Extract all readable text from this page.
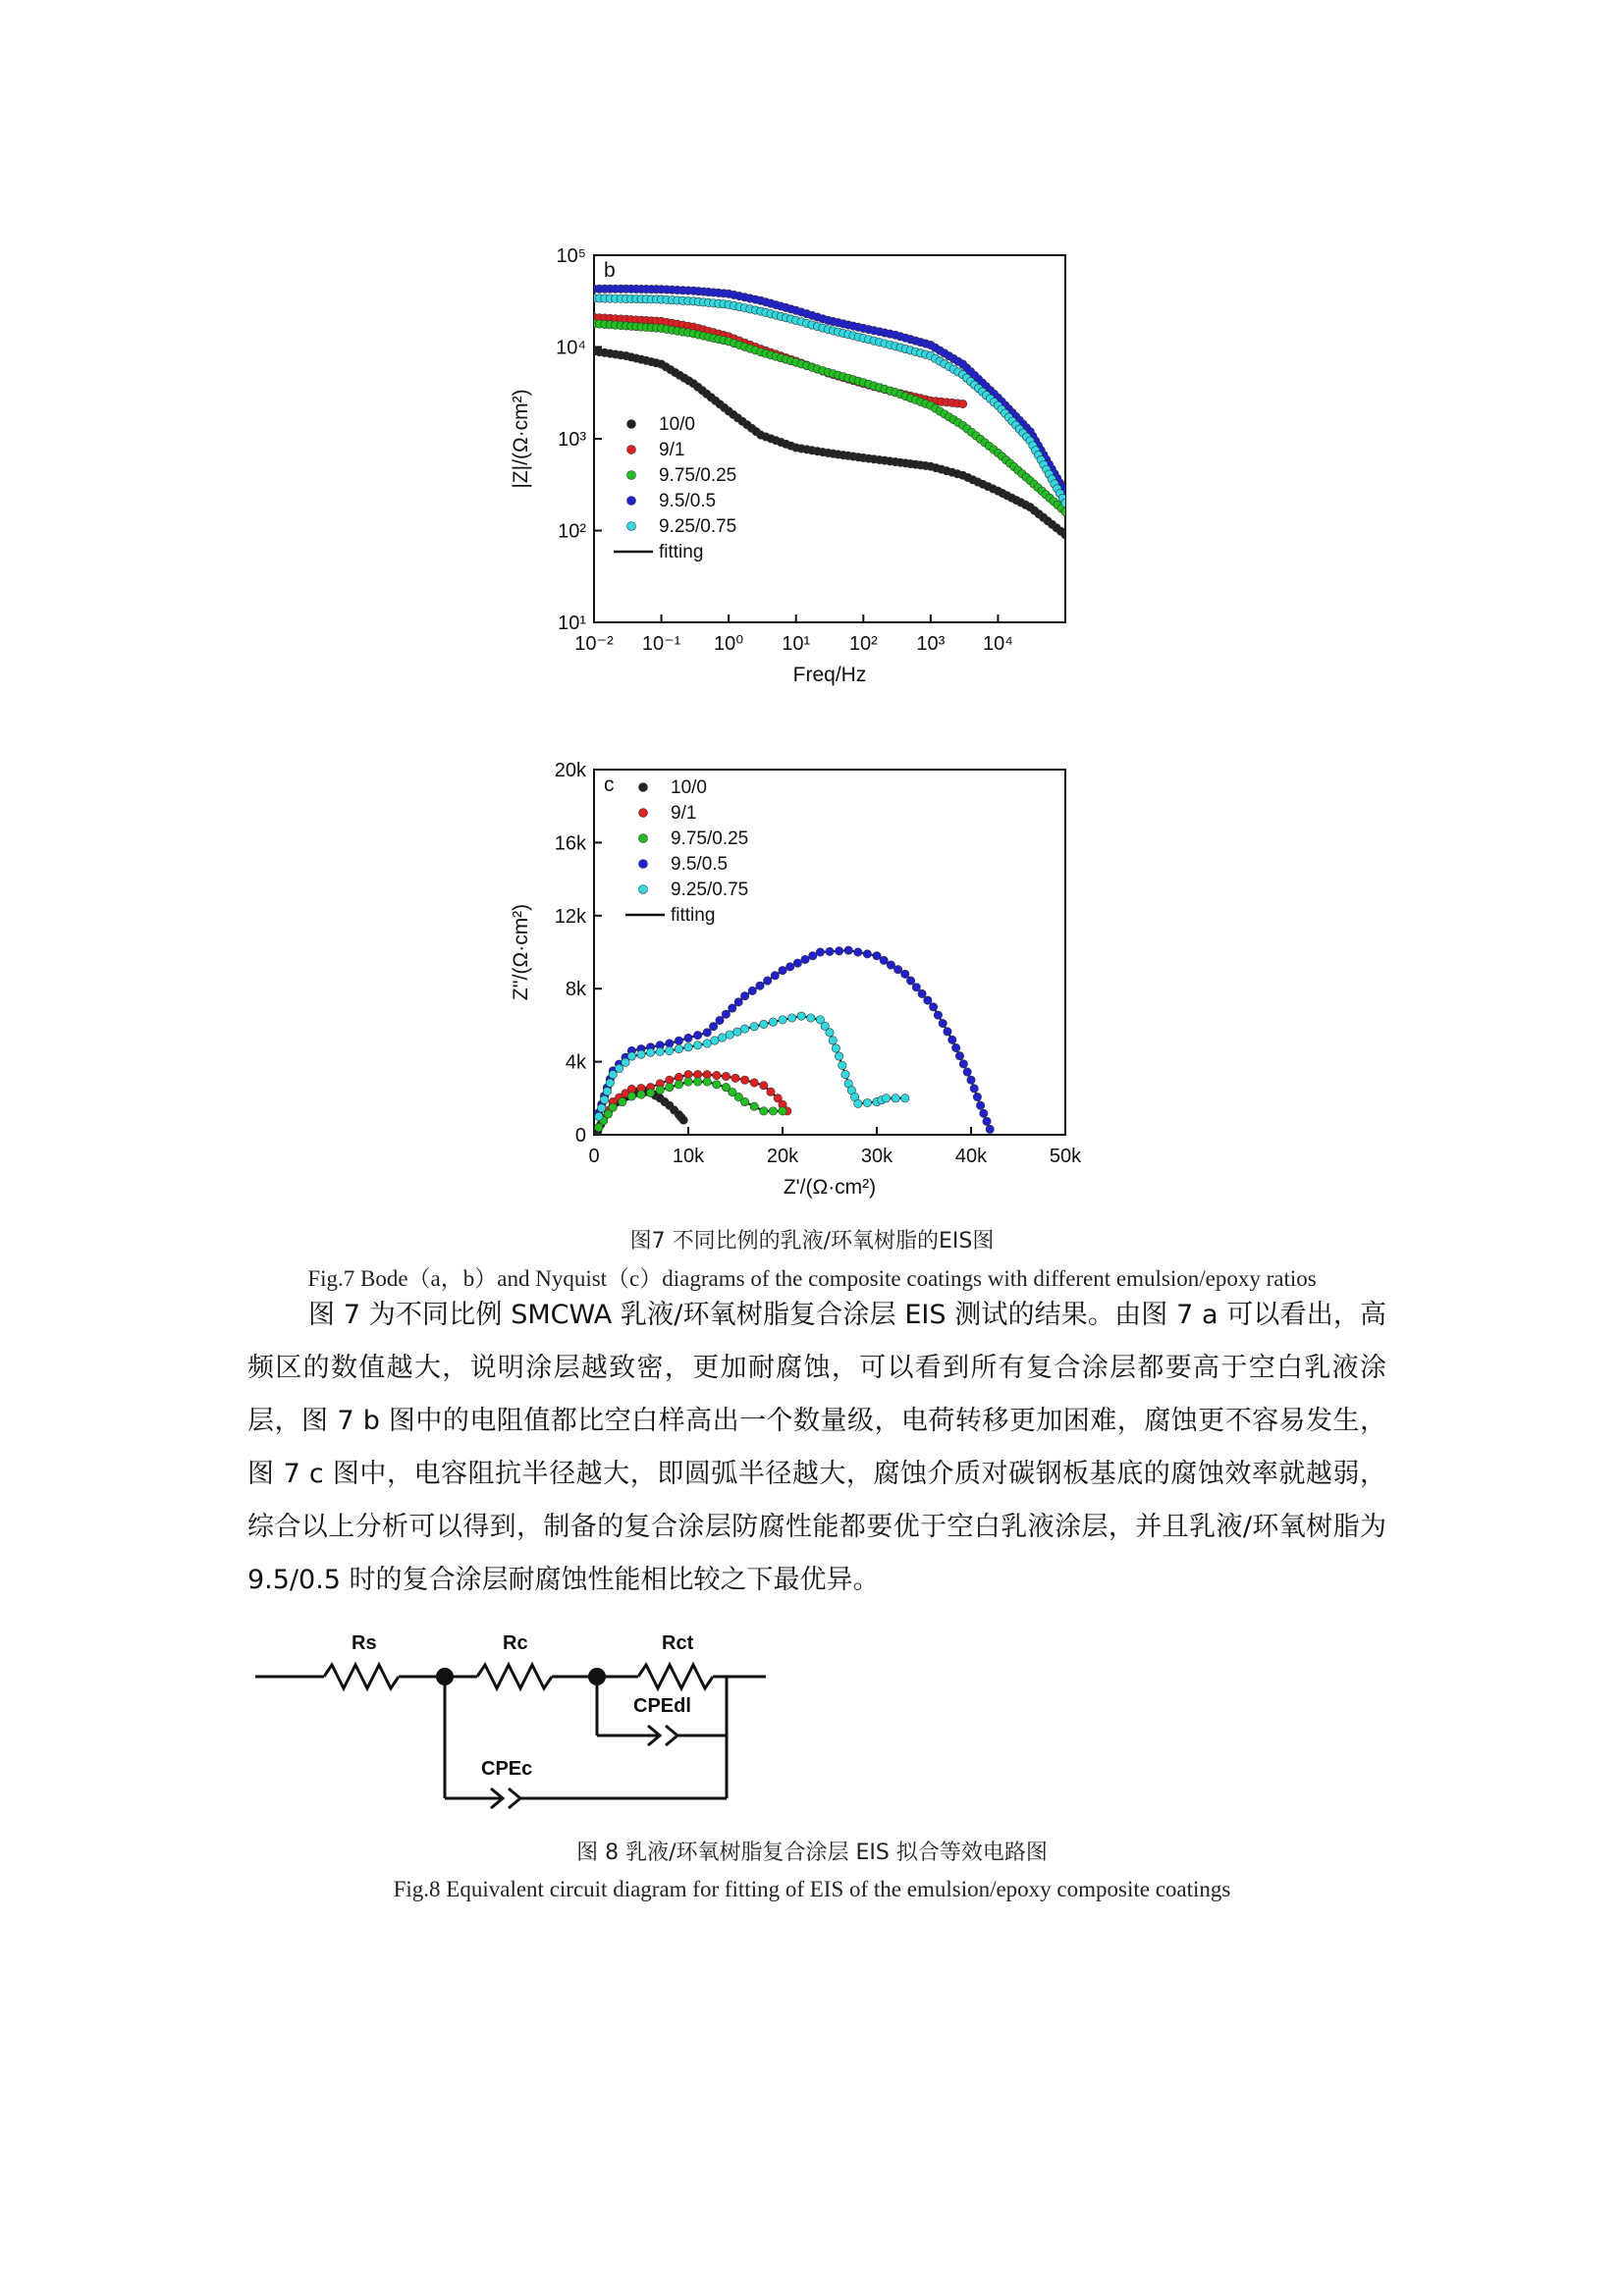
10⁻² 10⁻¹ 10⁰ 10¹ 10² 10³ 10⁴
10¹
10²
10³
10⁴
10⁵
Freq/Hz
|Z|/(Ω·cm²)
b
10/0
9/1
9.75/0.25
9.5/0.5
9.25/0.75
fitting
0	10k	20k	30k	40k	50k
0
4k
8k
12k
16k
20k
Z'/(Ω·cm²)
Z''/(Ω·cm²)
c	10/0
9/1
9.75/0.25
9.5/0.5
9.25/0.75
fitting
图7 不同比例的乳液/环氧树脂的EIS图
Fig.7 Bode（a，b）and Nyquist（c）diagrams of the composite coatings with different emulsion/epoxy ratios

图 7 为不同比例 SMCWA 乳液/环氧树脂复合涂层 EIS 测试的结果。由图 7 a 可以看出，高频区的数值越大，说明涂层越致密，更加耐腐蚀，可以看到所有复合涂层都要高于空白乳液涂层，图 7 b 图中的电阻值都比空白样高出一个数量级，电荷转移更加困难，腐蚀更不容易发生，图 7 c 图中，电容阻抗半径越大，即圆弧半径越大，腐蚀介质对碳钢板基底的腐蚀效率就越弱，综合以上分析可以得到，制备的复合涂层防腐性能都要优于空白乳液涂层，并且乳液/环氧树脂为 9.5/0.5 时的复合涂层耐腐蚀性能相比较之下最优异。

Rs	Rc	Rct
CPEdl
CPEc
图 8 乳液/环氧树脂复合涂层 EIS 拟合等效电路图
Fig.8 Equivalent circuit diagram for fitting of EIS of the emulsion/epoxy composite coatings
